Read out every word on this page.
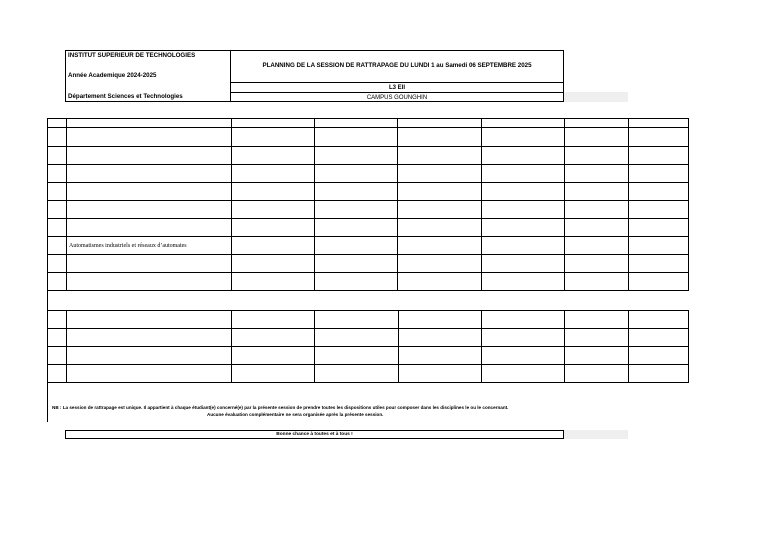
INSTITUT SUPERIEUR DE TECHNOLOGIES
Année Academique 2024-2025
Département Sciences et Technologies
PLANNING DE LA SESSION DE RATTRAPAGE DU LUNDI 1 au Samedi 06 SEPTEMBRE 2025
L3 EII
CAMPUS GOUNGHIN

	Automatismes industriels et réseaux d’automates						

NB : La session de rattrapage est unique. Il appartient à chaque étudiant(e) concerné(e) par la présente session de prendre toutes les dispositions utiles pour composer dans les disciplines le ou le concernant.
Aucune évaluation complémentaire ne sera organisée après la présente session.
Bonne chance à toutes et à tous !
